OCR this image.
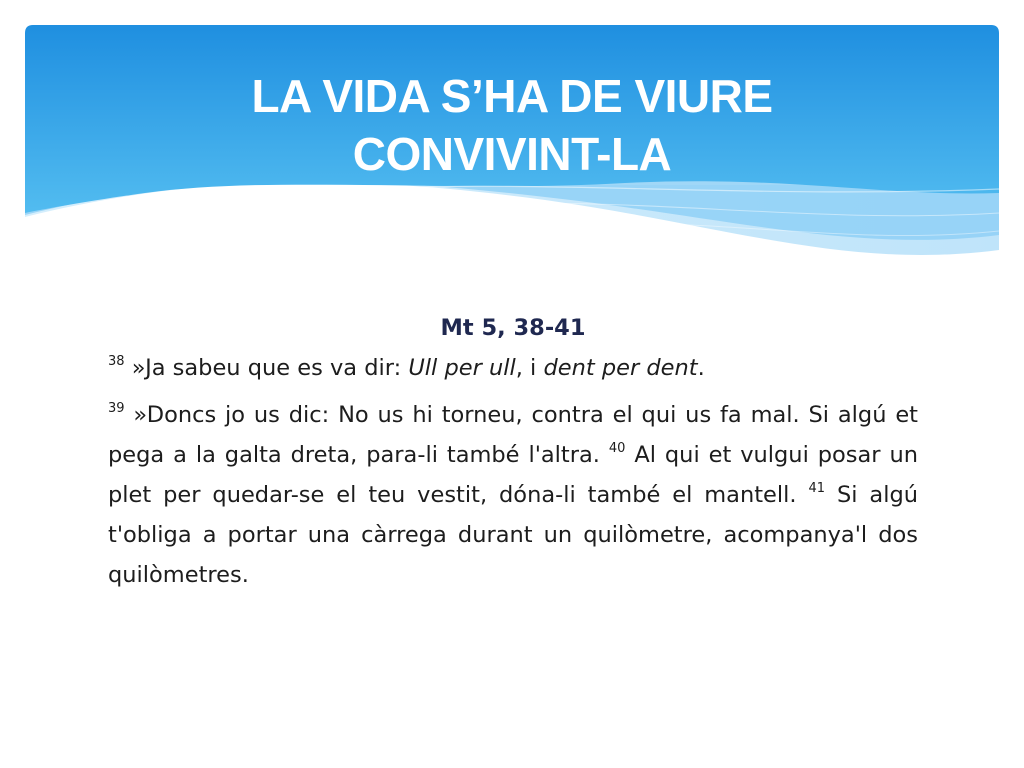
LA VIDA S’HA DE VIURE
CONVIVINT-LA

Mt 5, 38-41

$^{38}$ »Ja sabeu que es va dir: Ull per ull, i dent per dent.

$^{39}$ »Doncs jo us dic: No us hi torneu, contra el qui us fa mal. Si algú et pega a la galta dreta, para-li també l'altra. $^{40}$ Al qui et vulgui posar un plet per quedar-se el teu vestit, dóna-li també el mantell. $^{41}$ Si algú t'obliga a portar una càrrega durant un quilòmetre, acompanya'l dos quilòmetres.
